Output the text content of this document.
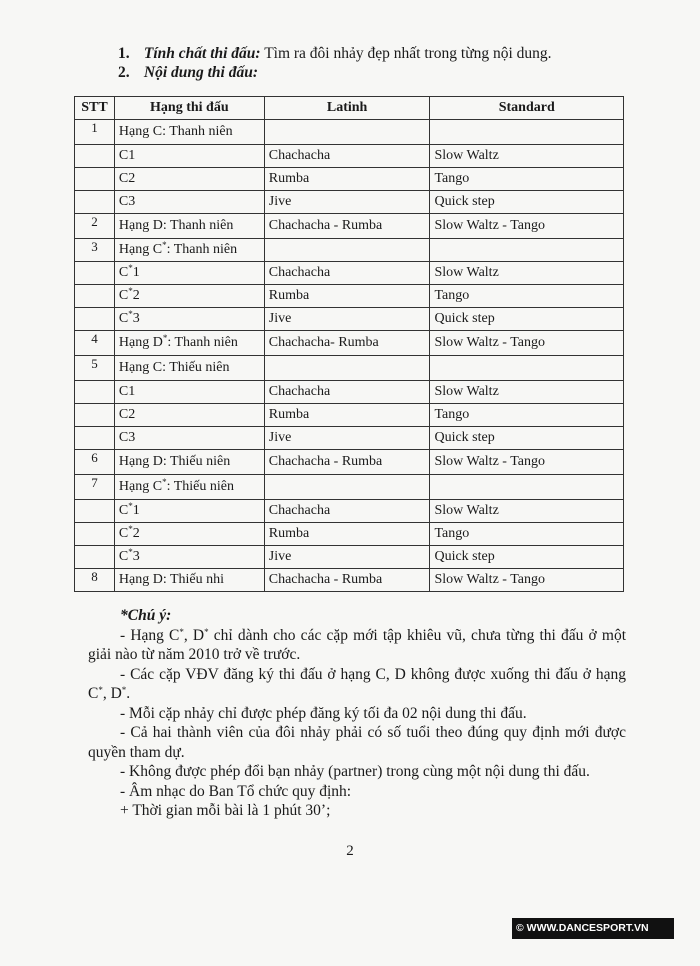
1. Tính chất thi đấu: Tìm ra đôi nhảy đẹp nhất trong từng nội dung.
2. Nội dung thi đấu:
STT	Hạng thi đấu	Latinh	Standard
1	Hạng C: Thanh niên		
	C1	Chachacha	Slow Waltz
	C2	Rumba	Tango
	C3	Jive	Quick step
2	Hạng D: Thanh niên	Chachacha - Rumba	Slow Waltz - Tango
3	Hạng C*: Thanh niên		
	C*1	Chachacha	Slow Waltz
	C*2	Rumba	Tango
	C*3	Jive	Quick step
4	Hạng D*: Thanh niên	Chachacha- Rumba	Slow Waltz - Tango
5	Hạng C: Thiếu niên		
	C1	Chachacha	Slow Waltz
	C2	Rumba	Tango
	C3	Jive	Quick step
6	Hạng D: Thiếu niên	Chachacha - Rumba	Slow Waltz - Tango
7	Hạng C*: Thiếu niên		
	C*1	Chachacha	Slow Waltz
	C*2	Rumba	Tango
	C*3	Jive	Quick step
8	Hạng D: Thiếu nhi	Chachacha - Rumba	Slow Waltz - Tango
*Chú ý:

- Hạng C*, D* chỉ dành cho các cặp mới tập khiêu vũ, chưa từng thi đấu ở một giải nào từ năm 2010 trở về trước.

- Các cặp VĐV đăng ký thi đấu ở hạng C, D không được xuống thi đấu ở hạng C*, D*.

- Mỗi cặp nhảy chỉ được phép đăng ký tối đa 02 nội dung thi đấu.

- Cả hai thành viên của đôi nhảy phải có số tuổi theo đúng quy định mới được quyền tham dự.

- Không được phép đổi bạn nhảy (partner) trong cùng một nội dung thi đấu.

- Âm nhạc do Ban Tổ chức quy định:

+ Thời gian mỗi bài là 1 phút 30’;

2
© WWW.DANCESPORT.VN
